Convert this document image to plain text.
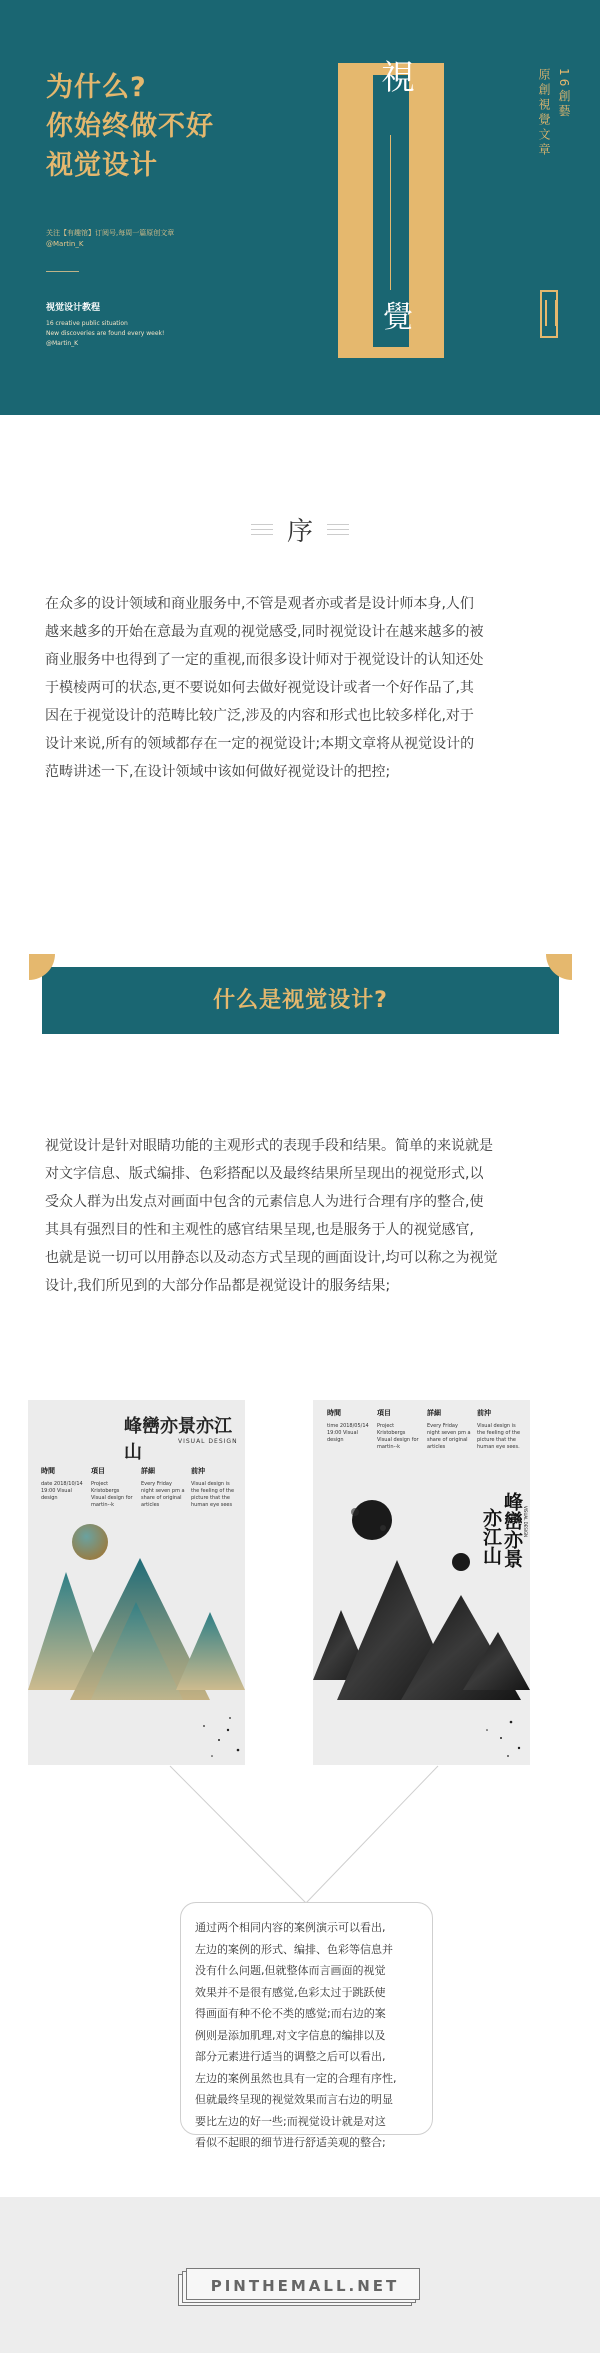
为什么?
你始终做不好
视觉设计
关注【有趣馆】订阅号,每周一篇原创文章
@Martin_K
视觉设计教程
16 creative public situation
New discoveries are found every week!
@Martin_K
視
覺
16創藝
原創視覺文章
序
在众多的设计领域和商业服务中,不管是观者亦或者是设计师本身,人们
越来越多的开始在意最为直观的视觉感受,同时视觉设计在越来越多的被
商业服务中也得到了一定的重视,而很多设计师对于视觉设计的认知还处
于模棱两可的状态,更不要说如何去做好视觉设计或者一个好作品了,其
因在于视觉设计的范畴比较广泛,涉及的内容和形式也比较多样化,对于
设计来说,所有的领域都存在一定的视觉设计;本期文章将从视觉设计的
范畴讲述一下,在设计领域中该如何做好视觉设计的把控;
什么是视觉设计?
视觉设计是针对眼睛功能的主观形式的表现手段和结果。简单的来说就是
对文字信息、版式编排、色彩搭配以及最终结果所呈现出的视觉形式,以
受众人群为出发点对画面中包含的元素信息人为进行合理有序的整合,使
其具有强烈目的性和主观性的感官结果呈现,也是服务于人的视觉感官,
也就是说一切可以用静态以及动态方式呈现的画面设计,均可以称之为视觉
设计,我们所见到的大部分作品都是视觉设计的服务结果;
峰巒亦景亦江山
VISUAL DESIGN
時間
date 2018/10/14 19:00 Visual design
項目
Project Kristobergs Visual design for martin--k
詳細
Every Friday night seven pm a share of original articles
前沖
Visual design is the feeling of the picture that the human eye sees
時間
time 2018/05/14 19:00 Visual design
項目
Project Kristobergs Visual design for martin--k
詳細
Every Friday night seven pm a share of original articles
前沖
Visual design is the feeling of the picture that the human eye sees.
峰巒亦景
亦江山	VISUAL DESIGN

通过两个相同内容的案例演示可以看出,

左边的案例的形式、编排、色彩等信息并

没有什么问题,但就整体而言画面的视觉

效果并不是很有感觉,色彩太过于跳跃使

得画面有种不伦不类的感觉;而右边的案

例则是添加肌理,对文字信息的编排以及

部分元素进行适当的调整之后可以看出,

左边的案例虽然也具有一定的合理有序性,

但就最终呈现的视觉效果而言右边的明显

要比左边的好一些;而视觉设计就是对这

看似不起眼的细节进行舒适美观的整合;

PINTHEMALL.NET
